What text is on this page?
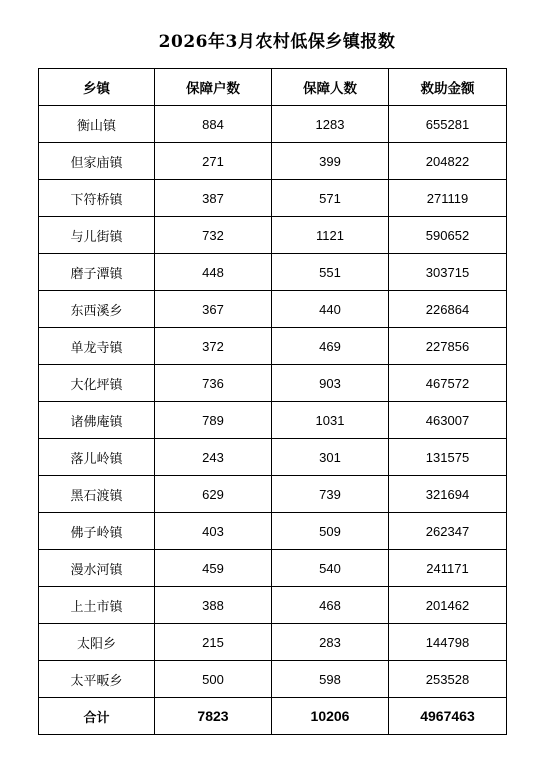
2026年3月农村低保乡镇报数
乡镇	保障户数	保障人数	救助金额
衡山镇	884	1283	655281
但家庙镇	271	399	204822
下符桥镇	387	571	271119
与儿街镇	732	1121	590652
磨子潭镇	448	551	303715
东西溪乡	367	440	226864
单龙寺镇	372	469	227856
大化坪镇	736	903	467572
诸佛庵镇	789	1031	463007
落儿岭镇	243	301	131575
黑石渡镇	629	739	321694
佛子岭镇	403	509	262347
漫水河镇	459	540	241171
上土市镇	388	468	201462
太阳乡	215	283	144798
太平畈乡	500	598	253528
合计	7823	10206	4967463
